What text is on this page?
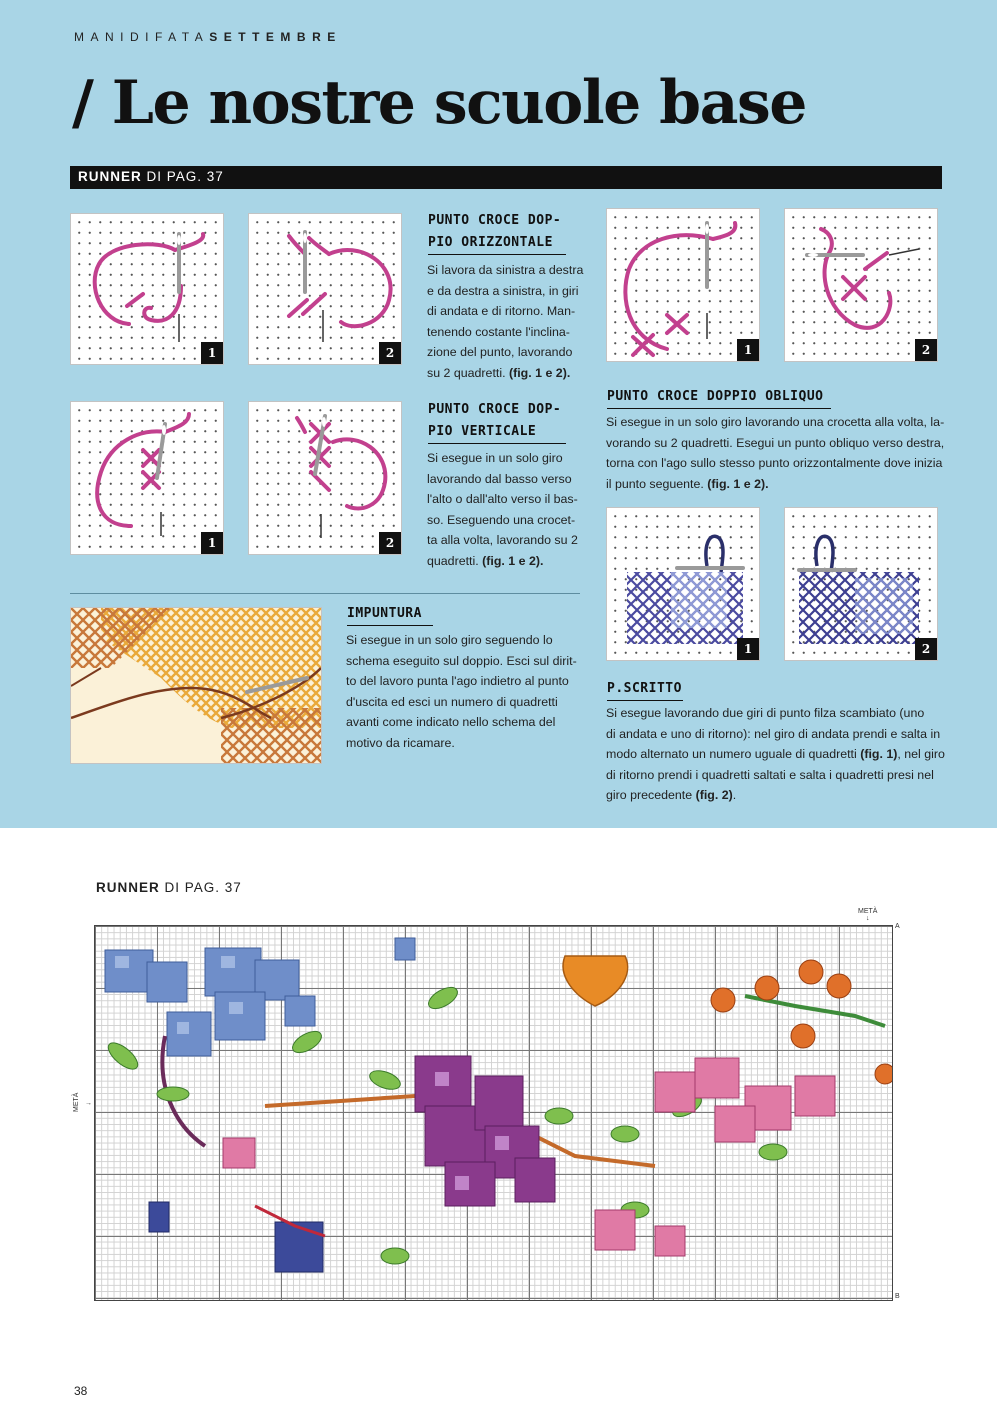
MANIDIFATASETTEMBRE
/ Le nostre scuole base
RUNNER DI PAG. 37
1	2
PUNTO CROCE DOP-
PIO ORIZZONTALE
Si lavora da sinistra a destra
e da destra a sinistra, in giri
di andata e di ritorno. Man-
tenendo costante l'inclina-
zione del punto, lavorando
su 2 quadretti. (fig. 1 e 2).
1	2
PUNTO CROCE DOPPIO OBLIQUO
Si esegue in un solo giro lavorando una crocetta alla volta, la-
vorando su 2 quadretti. Esegui un punto obliquo verso destra,
torna con l'ago sullo stesso punto orizzontalmente dove inizia
il punto seguente. (fig. 1 e 2).
1	2
PUNTO CROCE DOP-
PIO VERTICALE
Si esegue in un solo giro
lavorando dal basso verso
l'alto o dall'alto verso il bas-
so. Eseguendo una crocet-
ta alla volta, lavorando su 2
quadretti. (fig. 1 e 2).
1	2
P.SCRITTO
Si esegue lavorando due giri di punto filza scambiato (uno
di andata e uno di ritorno): nel giro di andata prendi e salta in
modo alternato un numero uguale di quadretti (fig. 1), nel giro
di ritorno prendi i quadretti saltati e salta i quadretti presi nel
giro precedente (fig. 2).
IMPUNTURA
Si esegue in un solo giro seguendo lo
schema eseguito sul doppio. Esci sul dirit-
to del lavoro punta l'ago indietro al punto
d'uscita ed esci un numero di quadretti
avanti come indicato nello schema del
motivo da ricamare.
RUNNER DI PAG. 37
METÀ
↓
A
B
METÀ →
38
